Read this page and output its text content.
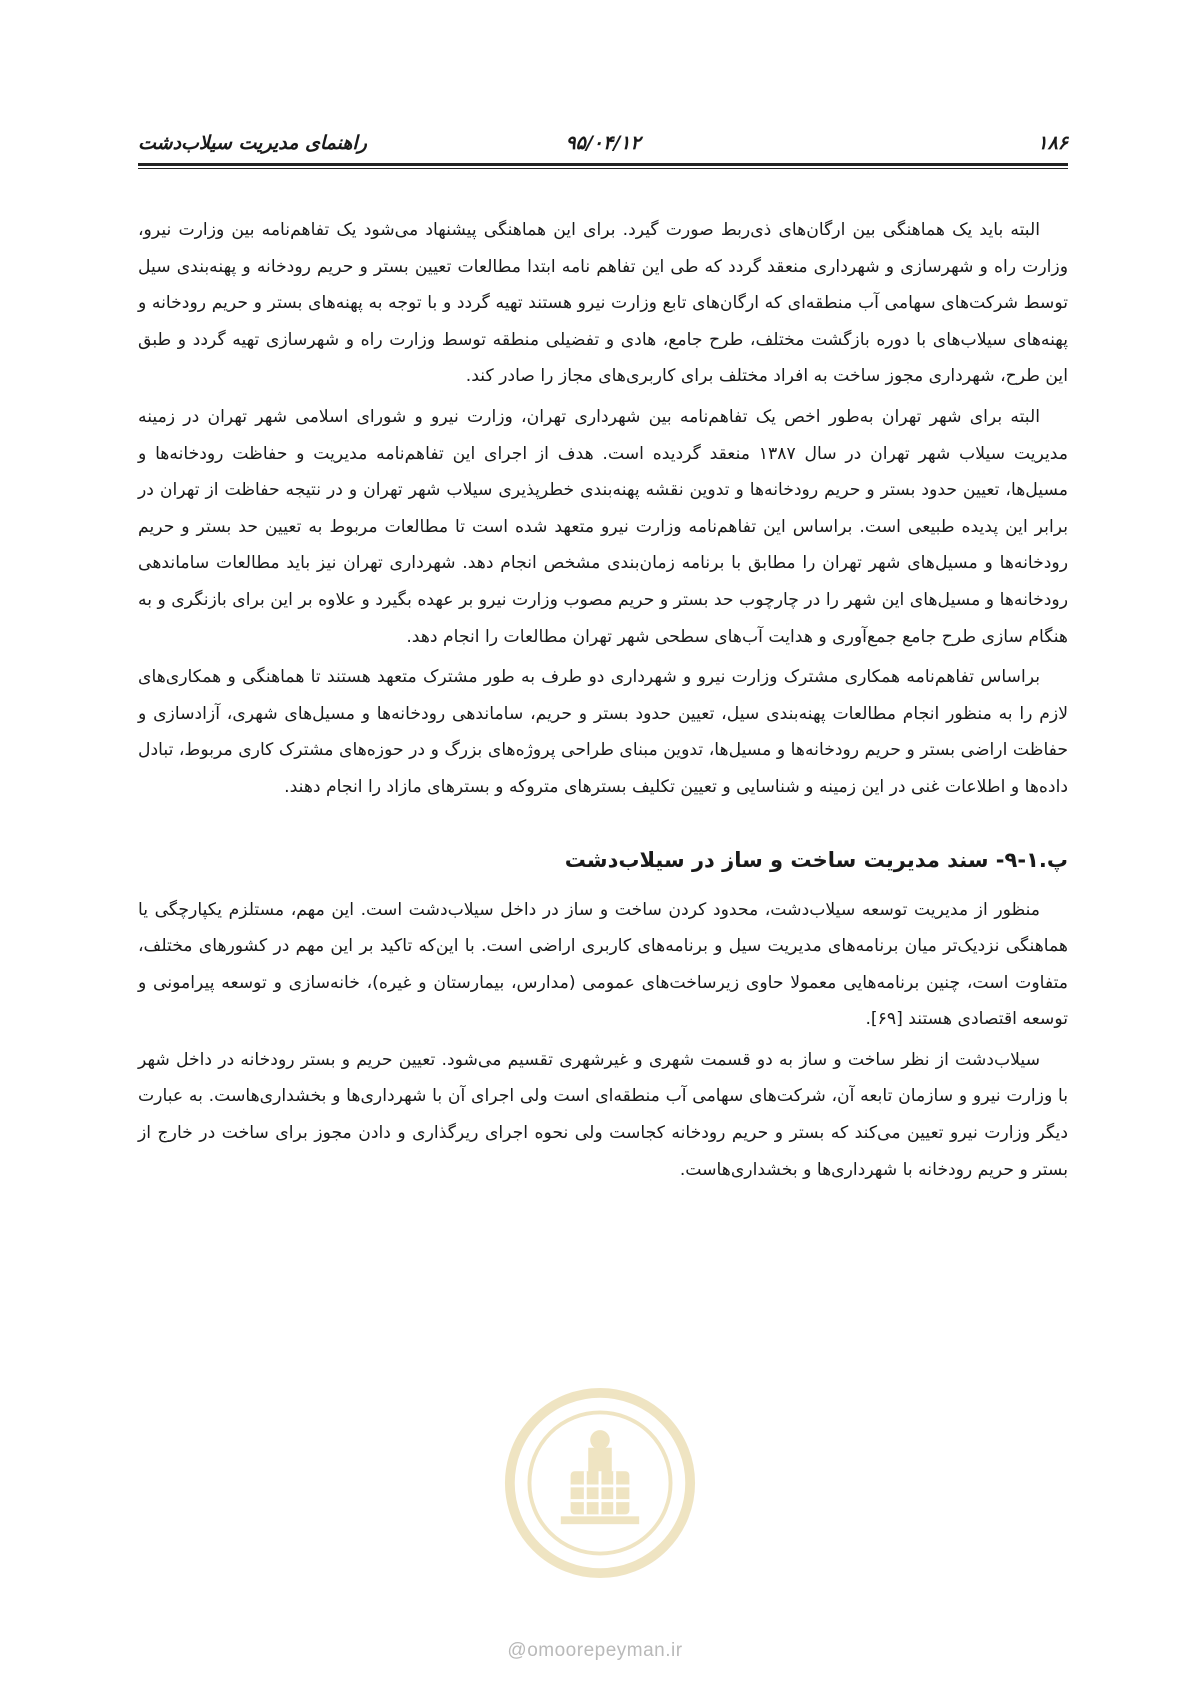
۱۸۶
۹۵/۰۴/۱۲
راهنمای مدیریت سیلاب‌دشت

البته باید یک هماهنگی بین ارگان‌های ذی‌ربط صورت گیرد. برای این هماهنگی پیشنهاد می‌شود یک تفاهم‌نامه بین وزارت نیرو، وزارت راه و شهرسازی و شهرداری منعقد گردد که طی این تفاهم نامه ابتدا مطالعات تعیین بستر و حریم رودخانه و پهنه‌بندی سیل توسط شرکت‌های سهامی آب منطقه‌ای که ارگان‌های تابع وزارت نیرو هستند تهیه گردد و با توجه به پهنه‌های بستر و حریم رودخانه و پهنه‌های سیلاب‌های با دوره بازگشت مختلف، طرح جامع، هادی و تفضیلی منطقه توسط وزارت راه و شهرسازی تهیه گردد و طبق این طرح، شهرداری مجوز ساخت به افراد مختلف برای کاربری‌های مجاز را صادر کند.

البته برای شهر تهران به‌طور اخص یک تفاهم‌نامه بین شهرداری تهران، وزارت نیرو و شورای اسلامی شهر تهران در زمینه مدیریت سیلاب شهر تهران در سال ۱۳۸۷ منعقد گردیده است. هدف از اجرای این تفاهم‌نامه مدیریت و حفاظت رودخانه‌ها و مسیل‌ها، تعیین حدود بستر و حریم رودخانه‌ها و تدوین نقشه پهنه‌بندی خطرپذیری سیلاب شهر تهران و در نتیجه حفاظت از تهران در برابر این پدیده طبیعی است. براساس این تفاهم‌نامه وزارت نیرو متعهد شده است تا مطالعات مربوط به تعیین حد بستر و حریم رودخانه‌ها و مسیل‌های شهر تهران را مطابق با برنامه زمان‌بندی مشخص انجام دهد. شهرداری تهران نیز باید مطالعات ساماندهی رودخانه‌ها و مسیل‌های این شهر را در چارچوب حد بستر و حریم مصوب وزارت نیرو بر عهده بگیرد و علاوه بر این برای بازنگری و به هنگام سازی طرح جامع جمع‌آوری و هدایت آب‌های سطحی شهر تهران مطالعات را انجام دهد.

براساس تفاهم‌نامه همکاری مشترک وزارت نیرو و شهرداری دو طرف به طور مشترک متعهد هستند تا هماهنگی و همکاری‌های لازم را به منظور انجام مطالعات پهنه‌بندی سیل، تعیین حدود بستر و حریم، ساماندهی رودخانه‌ها و مسیل‌های شهری، آزادسازی و حفاظت اراضی بستر و حریم رودخانه‌ها و مسیل‌ها، تدوین مبنای طراحی پروژه‌های بزرگ و در حوزه‌های مشترک کاری مربوط، تبادل داده‌ها و اطلاعات غنی در این زمینه و شناسایی و تعیین تکلیف بسترهای متروکه و بسترهای مازاد را انجام دهند.

پ.۱-۹- سند مدیریت ساخت و ساز در سیلاب‌دشت

منظور از مدیریت توسعه سیلاب‌دشت، محدود کردن ساخت و ساز در داخل سیلاب‌دشت است. این مهم، مستلزم یکپارچگی یا هماهنگی نزدیک‌تر میان برنامه‌های مدیریت سیل و برنامه‌های کاربری اراضی است. با این‌که تاکید بر این مهم در کشورهای مختلف، متفاوت است، چنین برنامه‌هایی معمولا حاوی زیرساخت‌های عمومی (مدارس، بیمارستان و غیره)، خانه‌سازی و توسعه پیرامونی و توسعه اقتصادی هستند [۶۹].

سیلاب‌دشت از نظر ساخت و ساز به دو قسمت شهری و غیرشهری تقسیم می‌شود. تعیین حریم و بستر رودخانه در داخل شهر با وزارت نیرو و سازمان تابعه آن، شرکت‌های سهامی آب منطقه‌ای است ولی اجرای آن با شهرداری‌ها و بخشداری‌هاست. به عبارت دیگر وزارت نیرو تعیین می‌کند که بستر و حریم رودخانه کجاست ولی نحوه اجرای ریرگذاری و دادن مجوز برای ساخت در خارج از بستر و حریم رودخانه با شهرداری‌ها و بخشداری‌هاست.

@omoorepeyman.ir
